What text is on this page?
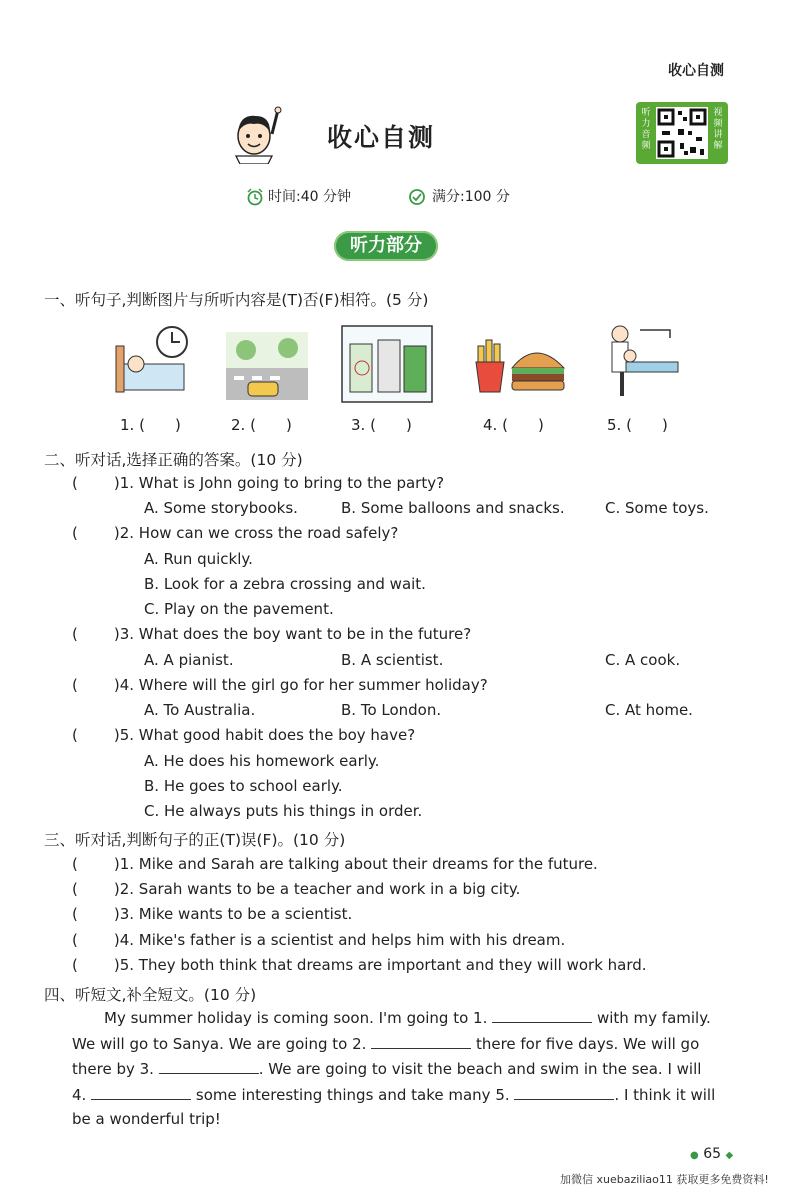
收心自测
收心自测
听力音频
视频讲解
时间:40 分钟	满分:100 分
听力部分
一、听句子,判断图片与所听内容是(T)否(F)相符。(5 分)
1. ( )	2. ( )	3. ( )	4. ( )	5. ( )
二、听对话,选择正确的答案。(10 分)
( )1. What is John going to bring to the party?
A. Some storybooks.	B. Some balloons and snacks.	C. Some toys.
( )2. How can we cross the road safely?
A. Run quickly.
B. Look for a zebra crossing and wait.
C. Play on the pavement.
( )3. What does the boy want to be in the future?
A. A pianist.	B. A scientist.	C. A cook.
( )4. Where will the girl go for her summer holiday?
A. To Australia.	B. To London.	C. At home.
( )5. What good habit does the boy have?
A. He does his homework early.
B. He goes to school early.
C. He always puts his things in order.
三、听对话,判断句子的正(T)误(F)。(10 分)
( )1. Mike and Sarah are talking about their dreams for the future.
( )2. Sarah wants to be a teacher and work in a big city.
( )3. Mike wants to be a scientist.
( )4. Mike's father is a scientist and helps him with his dream.
( )5. They both think that dreams are important and they will work hard.
四、听短文,补全短文。(10 分)
My summer holiday is coming soon. I'm going to 1.	with my family.
We will go to Sanya. We are going to 2.	there for five days. We will go
there by 3.	. We are going to visit the beach and swim in the sea. I will
4.	some interesting things and take many 5.	. I think it will
be a wonderful trip!
● 65 ◆
加微信 xuebaziliao11 获取更多免费资料!
